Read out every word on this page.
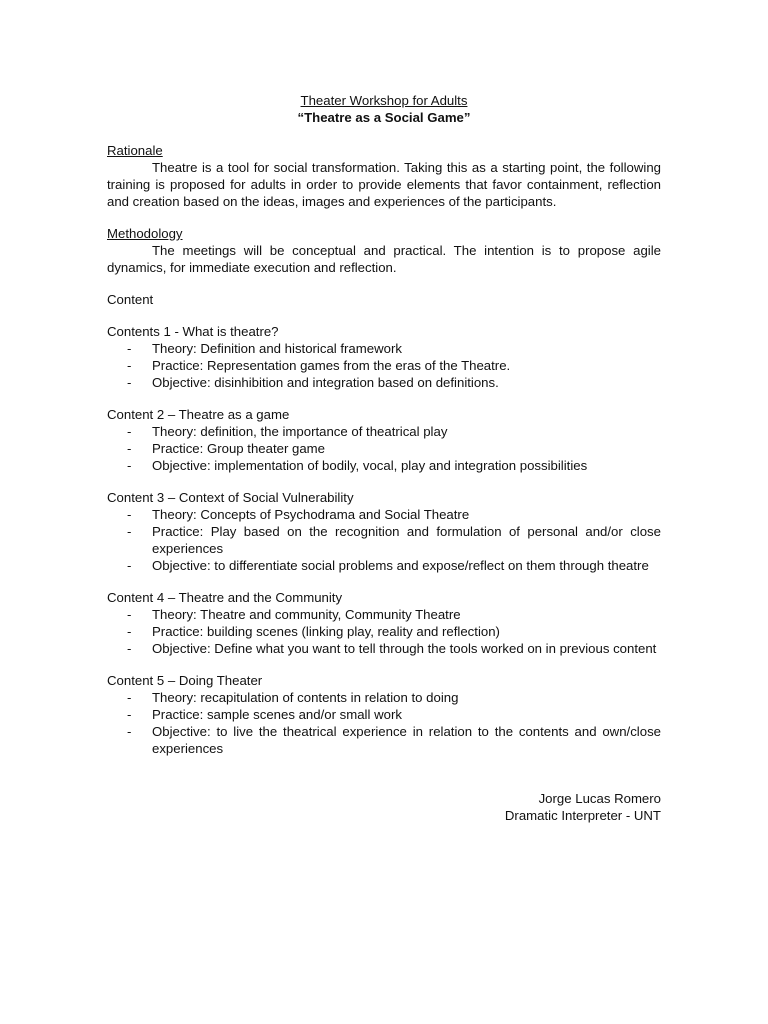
Theater Workshop for Adults
“Theatre as a Social Game”
Rationale
Theatre is a tool for social transformation. Taking this as a starting point, the following training is proposed for adults in order to provide elements that favor containment, reflection and creation based on the ideas, images and experiences of the participants.
Methodology
The meetings will be conceptual and practical. The intention is to propose agile dynamics, for immediate execution and reflection.
Content
Contents 1 - What is theatre?
- Theory: Definition and historical framework
- Practice: Representation games from the eras of the Theatre.
- Objective: disinhibition and integration based on definitions.
Content 2 – Theatre as a game
- Theory: definition, the importance of theatrical play
- Practice: Group theater game
- Objective: implementation of bodily, vocal, play and integration possibilities
Content 3 – Context of Social Vulnerability
- Theory: Concepts of Psychodrama and Social Theatre
- Practice: Play based on the recognition and formulation of personal and/or close experiences
- Objective: to differentiate social problems and expose/reflect on them through theatre
Content 4 – Theatre and the Community
- Theory: Theatre and community, Community Theatre
- Practice: building scenes (linking play, reality and reflection)
- Objective: Define what you want to tell through the tools worked on in previous content
Content 5 – Doing Theater
- Theory: recapitulation of contents in relation to doing
- Practice: sample scenes and/or small work
- Objective: to live the theatrical experience in relation to the contents and own/close experiences
Jorge Lucas Romero
Dramatic Interpreter - UNT
